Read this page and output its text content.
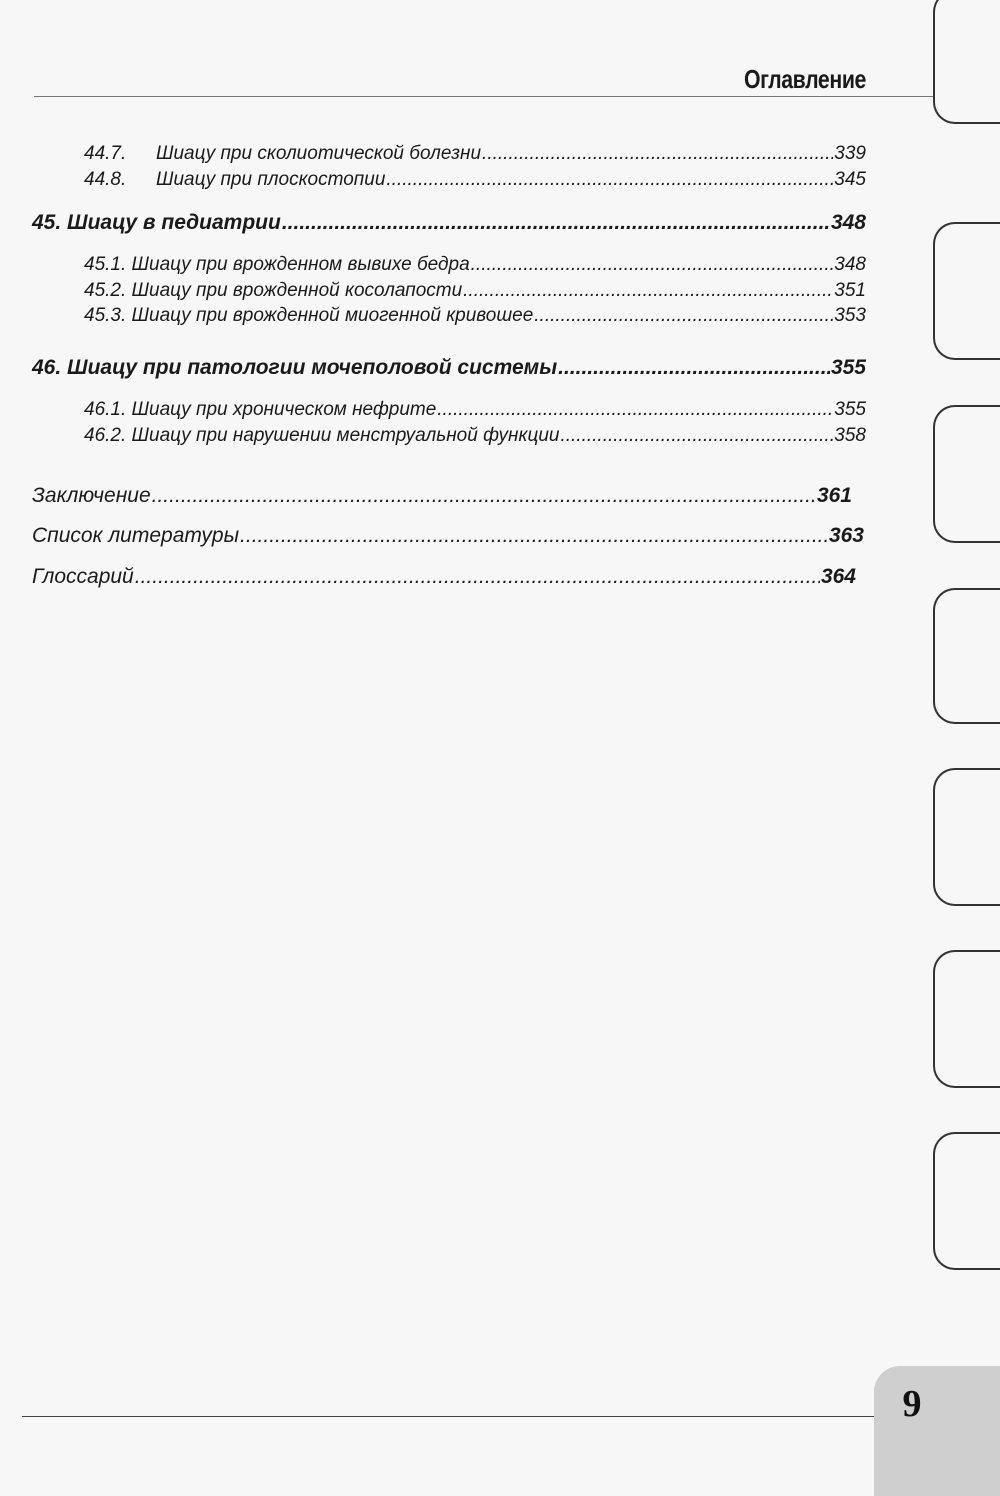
Оглавление
44.7.	Шиацу при сколиотической болезни .....	339
44.8.	Шиацу при плоскостопии .....	345
45. Шиацу в педиатрии .....	348
45.1. Шиацу при врожденном вывихе бедра .....	348
45.2. Шиацу при врожденной косолапости .....	351
45.3. Шиацу при врожденной миогенной кривошее .....	353
46. Шиацу при патологии мочеполовой системы .....	355
46.1. Шиацу при хроническом нефрите .....	355
46.2. Шиацу при нарушении менструальной функции .....	358
Заключение .....	361
Список литературы .....	363
Глоссарий .....	364
9
